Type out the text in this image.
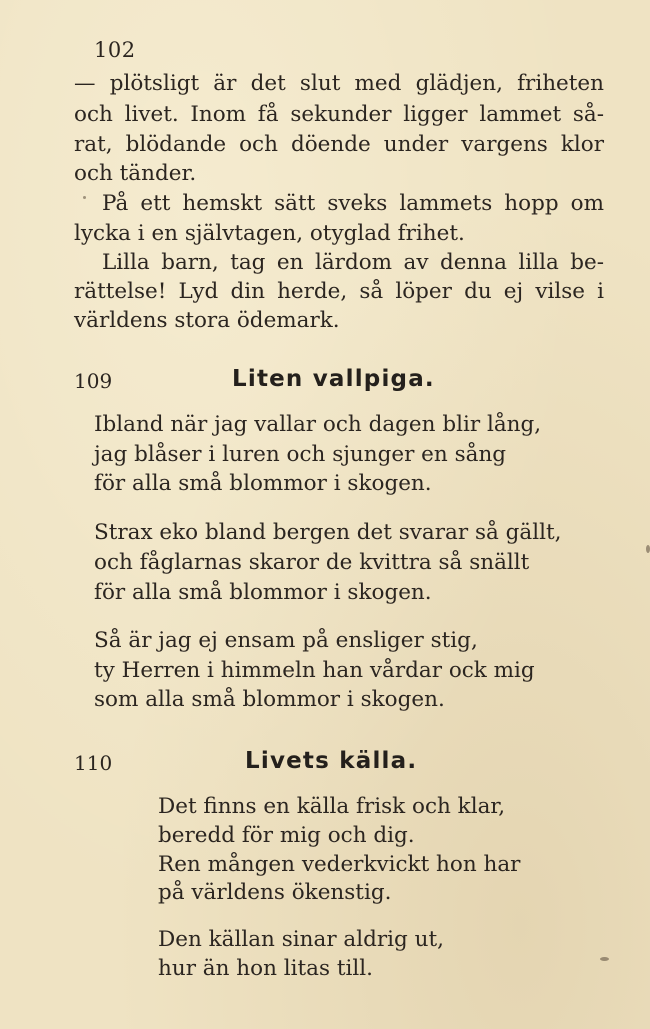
102
— plötsligt är det slut med glädjen, friheten
och livet. Inom få sekunder ligger lammet så-
rat, blödande och döende under vargens klor
och tänder.
På ett hemskt sätt sveks lammets hopp om
lycka i en självtagen, otyglad frihet.
Lilla barn, tag en lärdom av denna lilla be-
rättelse! Lyd din herde, så löper du ej vilse i
världens stora ödemark.
109	Liten vallpiga.
Ibland när jag vallar och dagen blir lång,
jag blåser i luren och sjunger en sång
för alla små blommor i skogen.
Strax eko bland bergen det svarar så gällt,
och fåglarnas skaror de kvittra så snällt
för alla små blommor i skogen.
Så är jag ej ensam på ensliger stig,
ty Herren i himmeln han vårdar ock mig
som alla små blommor i skogen.
110	Livets källa.
Det finns en källa frisk och klar,
beredd för mig och dig.
Ren mången vederkvickt hon har
på världens ökenstig.
Den källan sinar aldrig ut,
hur än hon litas till.
